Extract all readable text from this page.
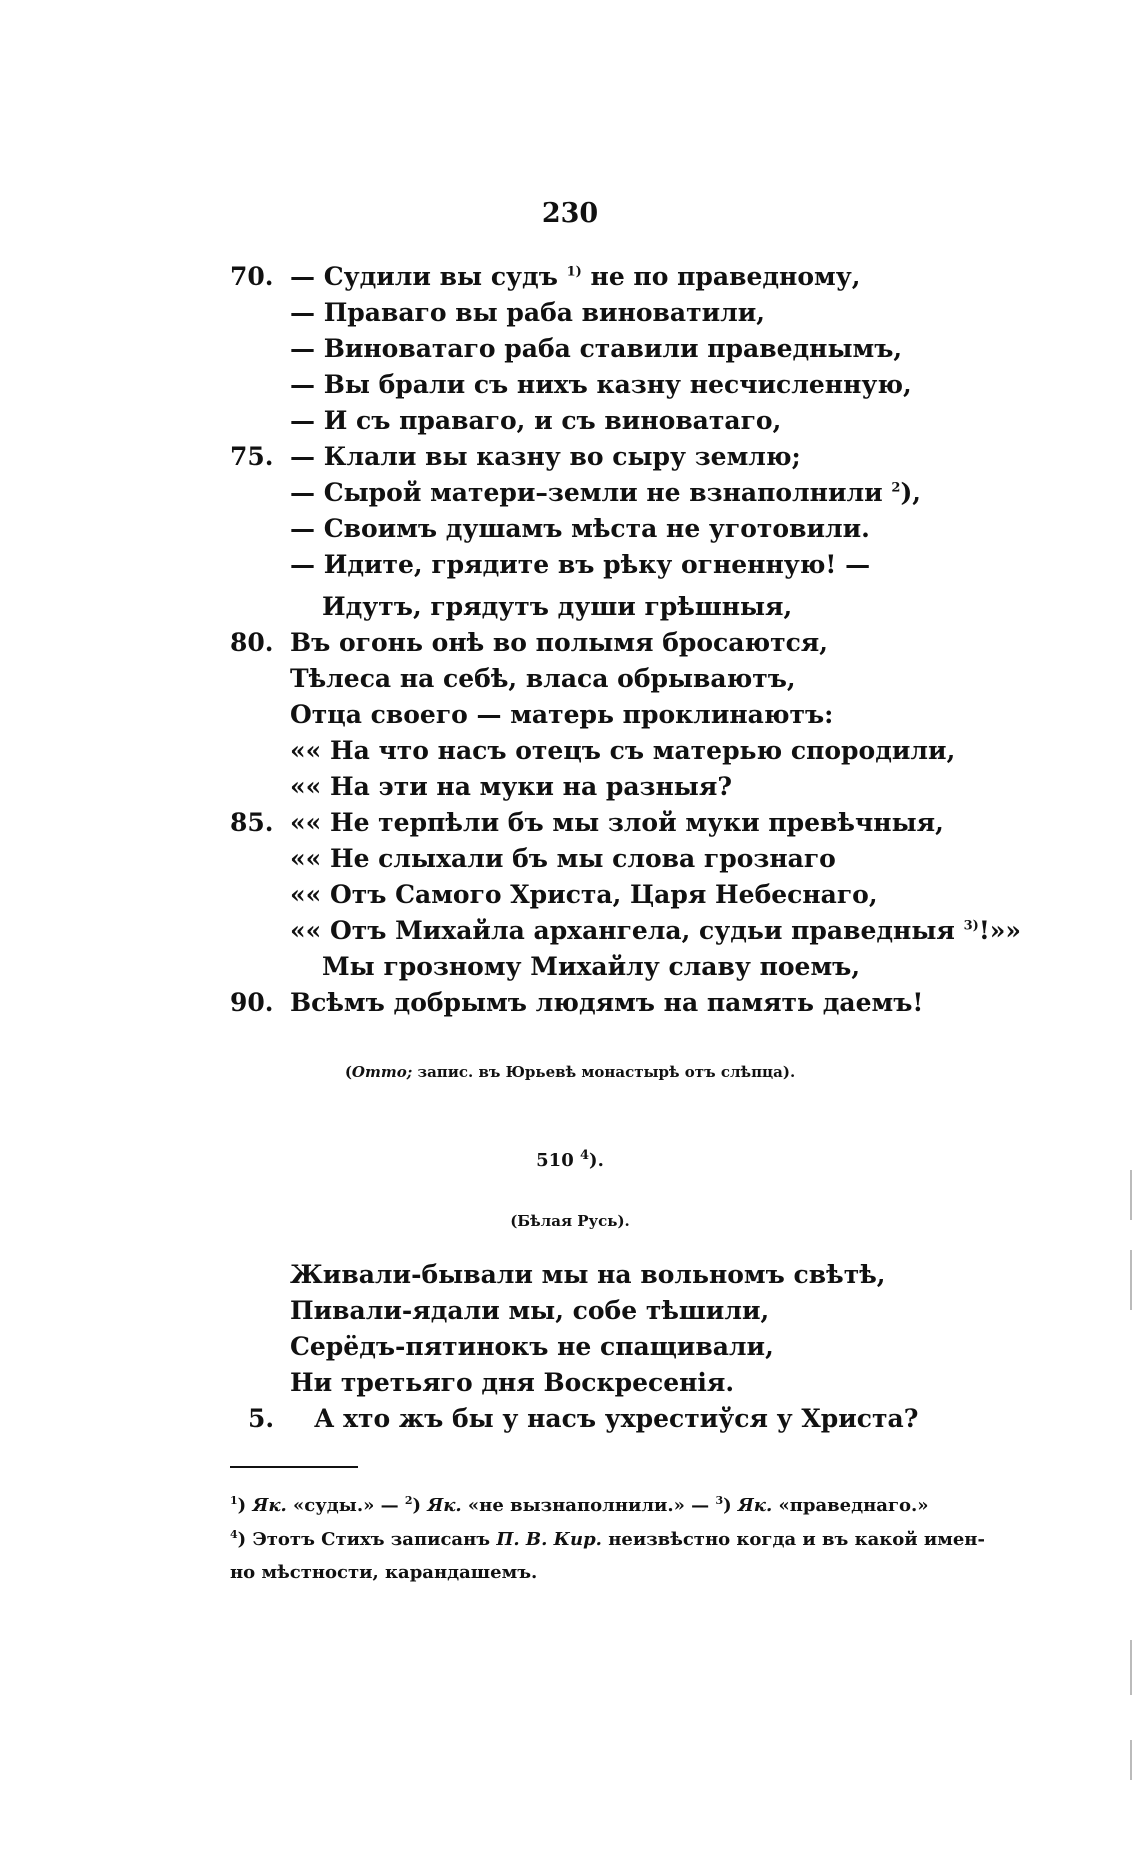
230
70. — Судили вы судъ $^{1)}$ не по праведному,
— Праваго вы раба виноватили,
— Виноватаго раба ставили праведнымъ,
— Вы брали съ нихъ казну несчисленную,
— И съ праваго, и съ виноватаго,
75. — Клали вы казну во сыру землю;
— Сырой матери–земли не взнаполнили $^2$),
— Своимъ душамъ мѣста не уготовили.
— Идите, грядите въ рѣку огненную! —
Идутъ, грядутъ души грѣшныя,
80. Въ огонь онѣ во полымя бросаются,
Тѣлеса на себѣ, власа обрываютъ,
Отца своего — матерь проклинаютъ:
«« На что насъ отецъ съ матерью спородили,
«« На эти на муки на разныя?
85. «« Не терпѣли бъ мы злой муки превѣчныя,
«« Не слыхали бъ мы слова грознаго
«« Отъ Самого Христа, Царя Небеснаго,
«« Отъ Михайла архангела, судьи праведныя $^{3)}$!»»
Мы грозному Михайлу славу поемъ,
90. Всѣмъ добрымъ людямъ на память даемъ!
(Отто; запис. въ Юрьевѣ монастырѣ отъ слѣпца).
510 $^4$).
(Бѣлая Русь).
Живали-бывали мы на вольномъ свѣтѣ,
Пивали-ядали мы, собе тѣшили,
Серёдъ-пятинокъ не спащивали,
Ни третьяго дня Воскресенія.
5. А хто жъ бы у насъ ухрестиўся у Христа?
$^1$) Як. «суды.» — $^2$) Як. «не вызнаполнили.» — $^3$) Як. «праведнаго.»
$^4$) Этотъ Стихъ записанъ П. В. Кир. неизвѣстно когда и въ какой имен-
но мѣстности, карандашемъ.
